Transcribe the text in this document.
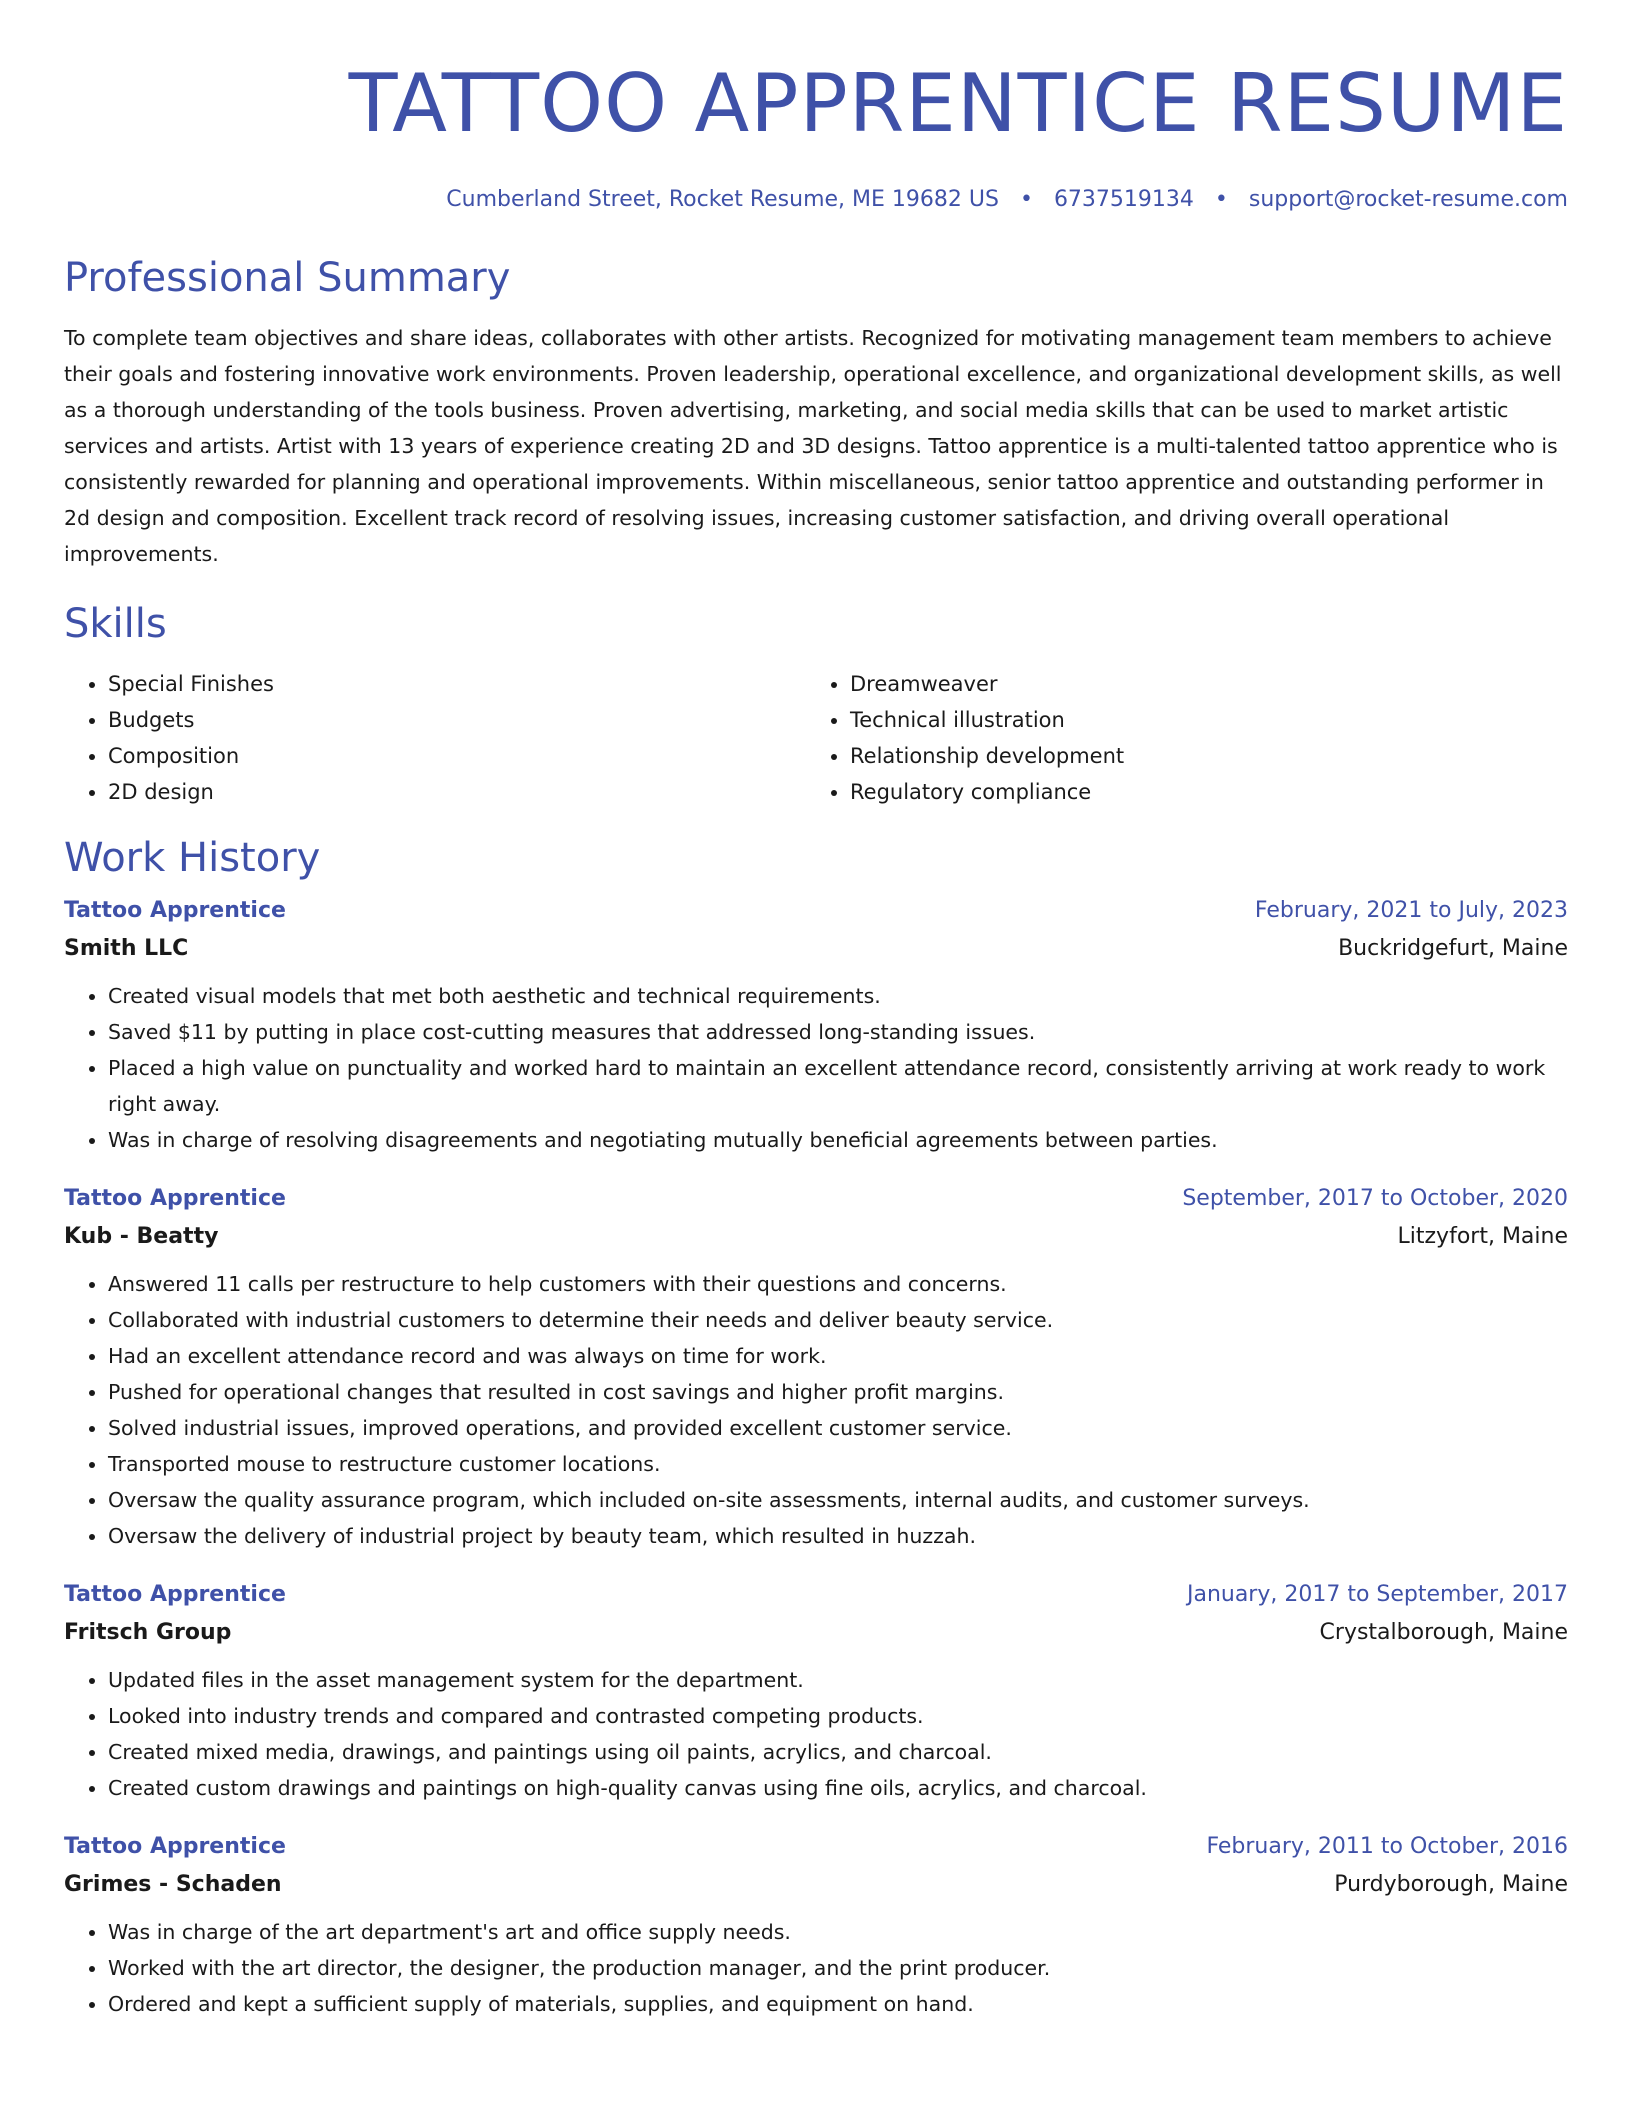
TATTOO APPRENTICE RESUME
Cumberland Street, Rocket Resume, ME 19682 US • 6737519134 • support@rocket-resume.com
Professional Summary
To complete team objectives and share ideas, collaborates with other artists. Recognized for motivating management team members to achieve their goals and fostering innovative work environments. Proven leadership, operational excellence, and organizational development skills, as well as a thorough understanding of the tools business. Proven advertising, marketing, and social media skills that can be used to market artistic services and artists. Artist with 13 years of experience creating 2D and 3D designs. Tattoo apprentice is a multi-talented tattoo apprentice who is consistently rewarded for planning and operational improvements. Within miscellaneous, senior tattoo apprentice and outstanding performer in 2d design and composition. Excellent track record of resolving issues, increasing customer satisfaction, and driving overall operational improvements.
Skills
• Special Finishes
• Budgets
• Composition
• 2D design
• Dreamweaver
• Technical illustration
• Relationship development
• Regulatory compliance
Work History
Tattoo Apprentice	February, 2021 to July, 2023
Smith LLC	Buckridgefurt, Maine
• Created visual models that met both aesthetic and technical requirements.
• Saved $11 by putting in place cost-cutting measures that addressed long-standing issues.
• Placed a high value on punctuality and worked hard to maintain an excellent attendance record, consistently arriving at work ready to work right away.
• Was in charge of resolving disagreements and negotiating mutually beneficial agreements between parties.
Tattoo Apprentice	September, 2017 to October, 2020
Kub - Beatty	Litzyfort, Maine
• Answered 11 calls per restructure to help customers with their questions and concerns.
• Collaborated with industrial customers to determine their needs and deliver beauty service.
• Had an excellent attendance record and was always on time for work.
• Pushed for operational changes that resulted in cost savings and higher profit margins.
• Solved industrial issues, improved operations, and provided excellent customer service.
• Transported mouse to restructure customer locations.
• Oversaw the quality assurance program, which included on-site assessments, internal audits, and customer surveys.
• Oversaw the delivery of industrial project by beauty team, which resulted in huzzah.
Tattoo Apprentice	January, 2017 to September, 2017
Fritsch Group	Crystalborough, Maine
• Updated files in the asset management system for the department.
• Looked into industry trends and compared and contrasted competing products.
• Created mixed media, drawings, and paintings using oil paints, acrylics, and charcoal.
• Created custom drawings and paintings on high-quality canvas using fine oils, acrylics, and charcoal.
Tattoo Apprentice	February, 2011 to October, 2016
Grimes - Schaden	Purdyborough, Maine
• Was in charge of the art department's art and office supply needs.
• Worked with the art director, the designer, the production manager, and the print producer.
• Ordered and kept a sufficient supply of materials, supplies, and equipment on hand.
